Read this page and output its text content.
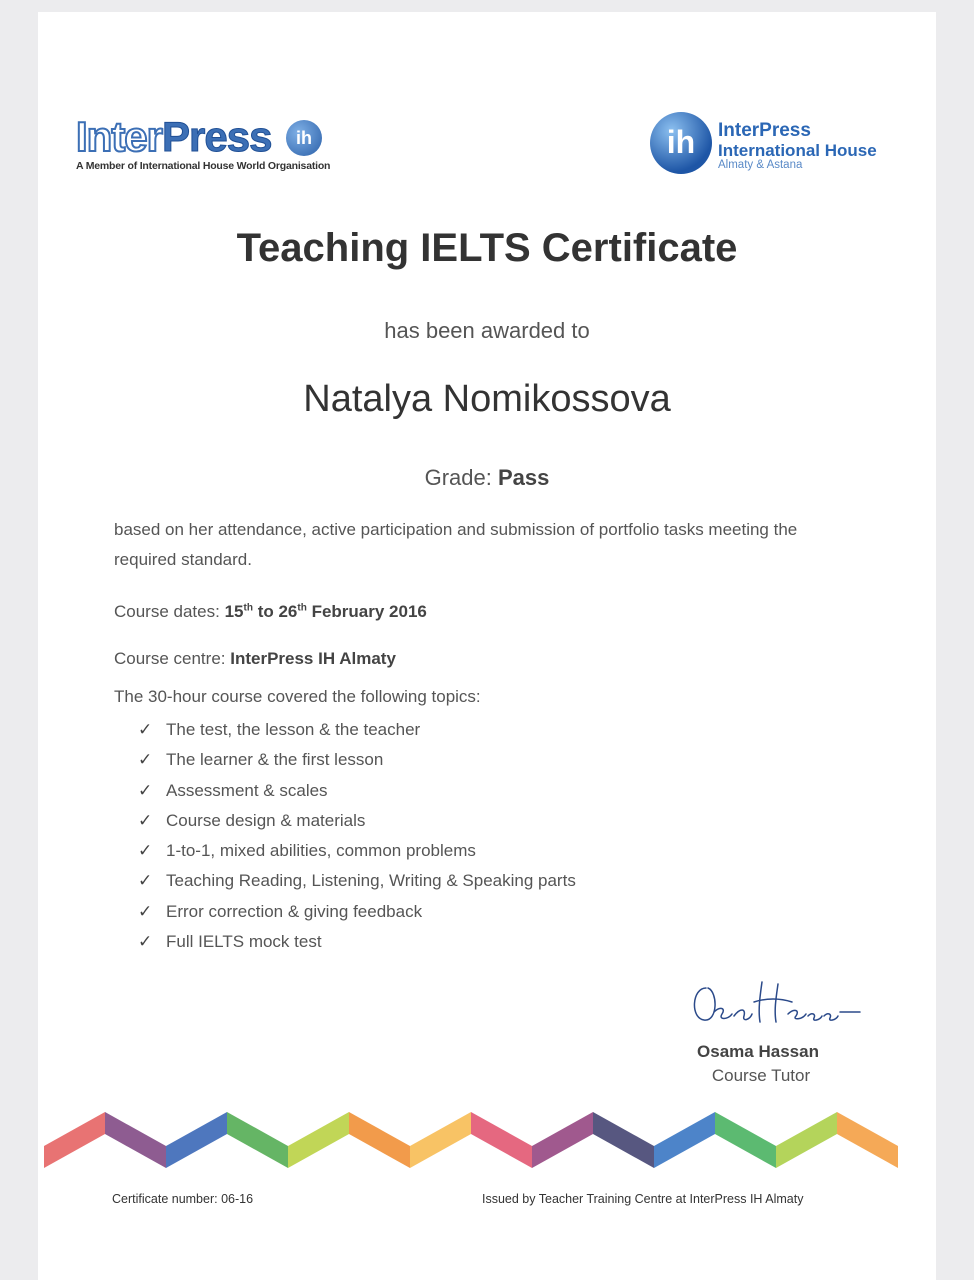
InterPress	ih
A Member of International House World Organisation
ih	InterPress
International House
Almaty & Astana
Teaching IELTS Certificate
has been awarded to
Natalya Nomikossova
Grade: Pass
based on her attendance, active participation and submission of portfolio tasks meeting the required standard.
Course dates: 15th to 26th February 2016
Course centre: InterPress IH Almaty
The 30-hour course covered the following topics:
✓ The test, the lesson & the teacher
✓ The learner & the first lesson
✓ Assessment & scales
✓ Course design & materials
✓ 1-to-1, mixed abilities, common problems
✓ Teaching Reading, Listening, Writing & Speaking parts
✓ Error correction & giving feedback
✓ Full IELTS mock test
Osama Hassan
Course Tutor
Certificate number: 06-16	Issued by Teacher Training Centre at InterPress IH Almaty
